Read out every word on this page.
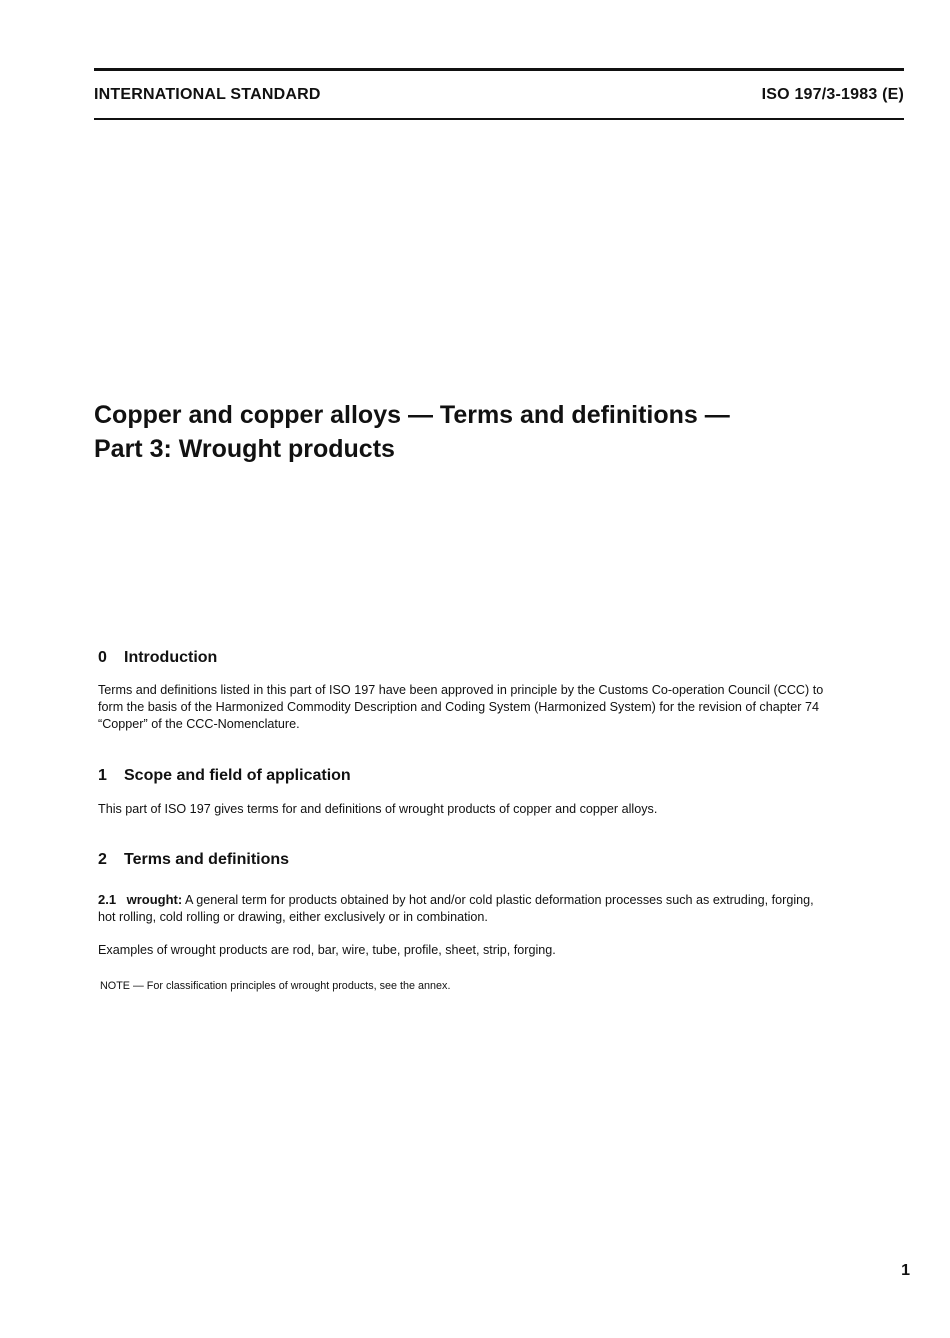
INTERNATIONAL STANDARD	ISO 197/3-1983 (E)
Copper and copper alloys — Terms and definitions —
Part 3: Wrought products
0 Introduction
Terms and definitions listed in this part of ISO 197 have been approved in principle by the Customs Co-operation Council (CCC) to
form the basis of the Harmonized Commodity Description and Coding System (Harmonized System) for the revision of chapter 74
“Copper” of the CCC-Nomenclature.
1 Scope and field of application

This part of ISO 197 gives terms for and definitions of wrought products of copper and copper alloys.

2 Terms and definitions
2.1 wrought: A general term for products obtained by hot and/or cold plastic deformation processes such as extruding, forging,
hot rolling, cold rolling or drawing, either exclusively or in combination.

Examples of wrought products are rod, bar, wire, tube, profile, sheet, strip, forging.

NOTE — For classification principles of wrought products, see the annex.

1
